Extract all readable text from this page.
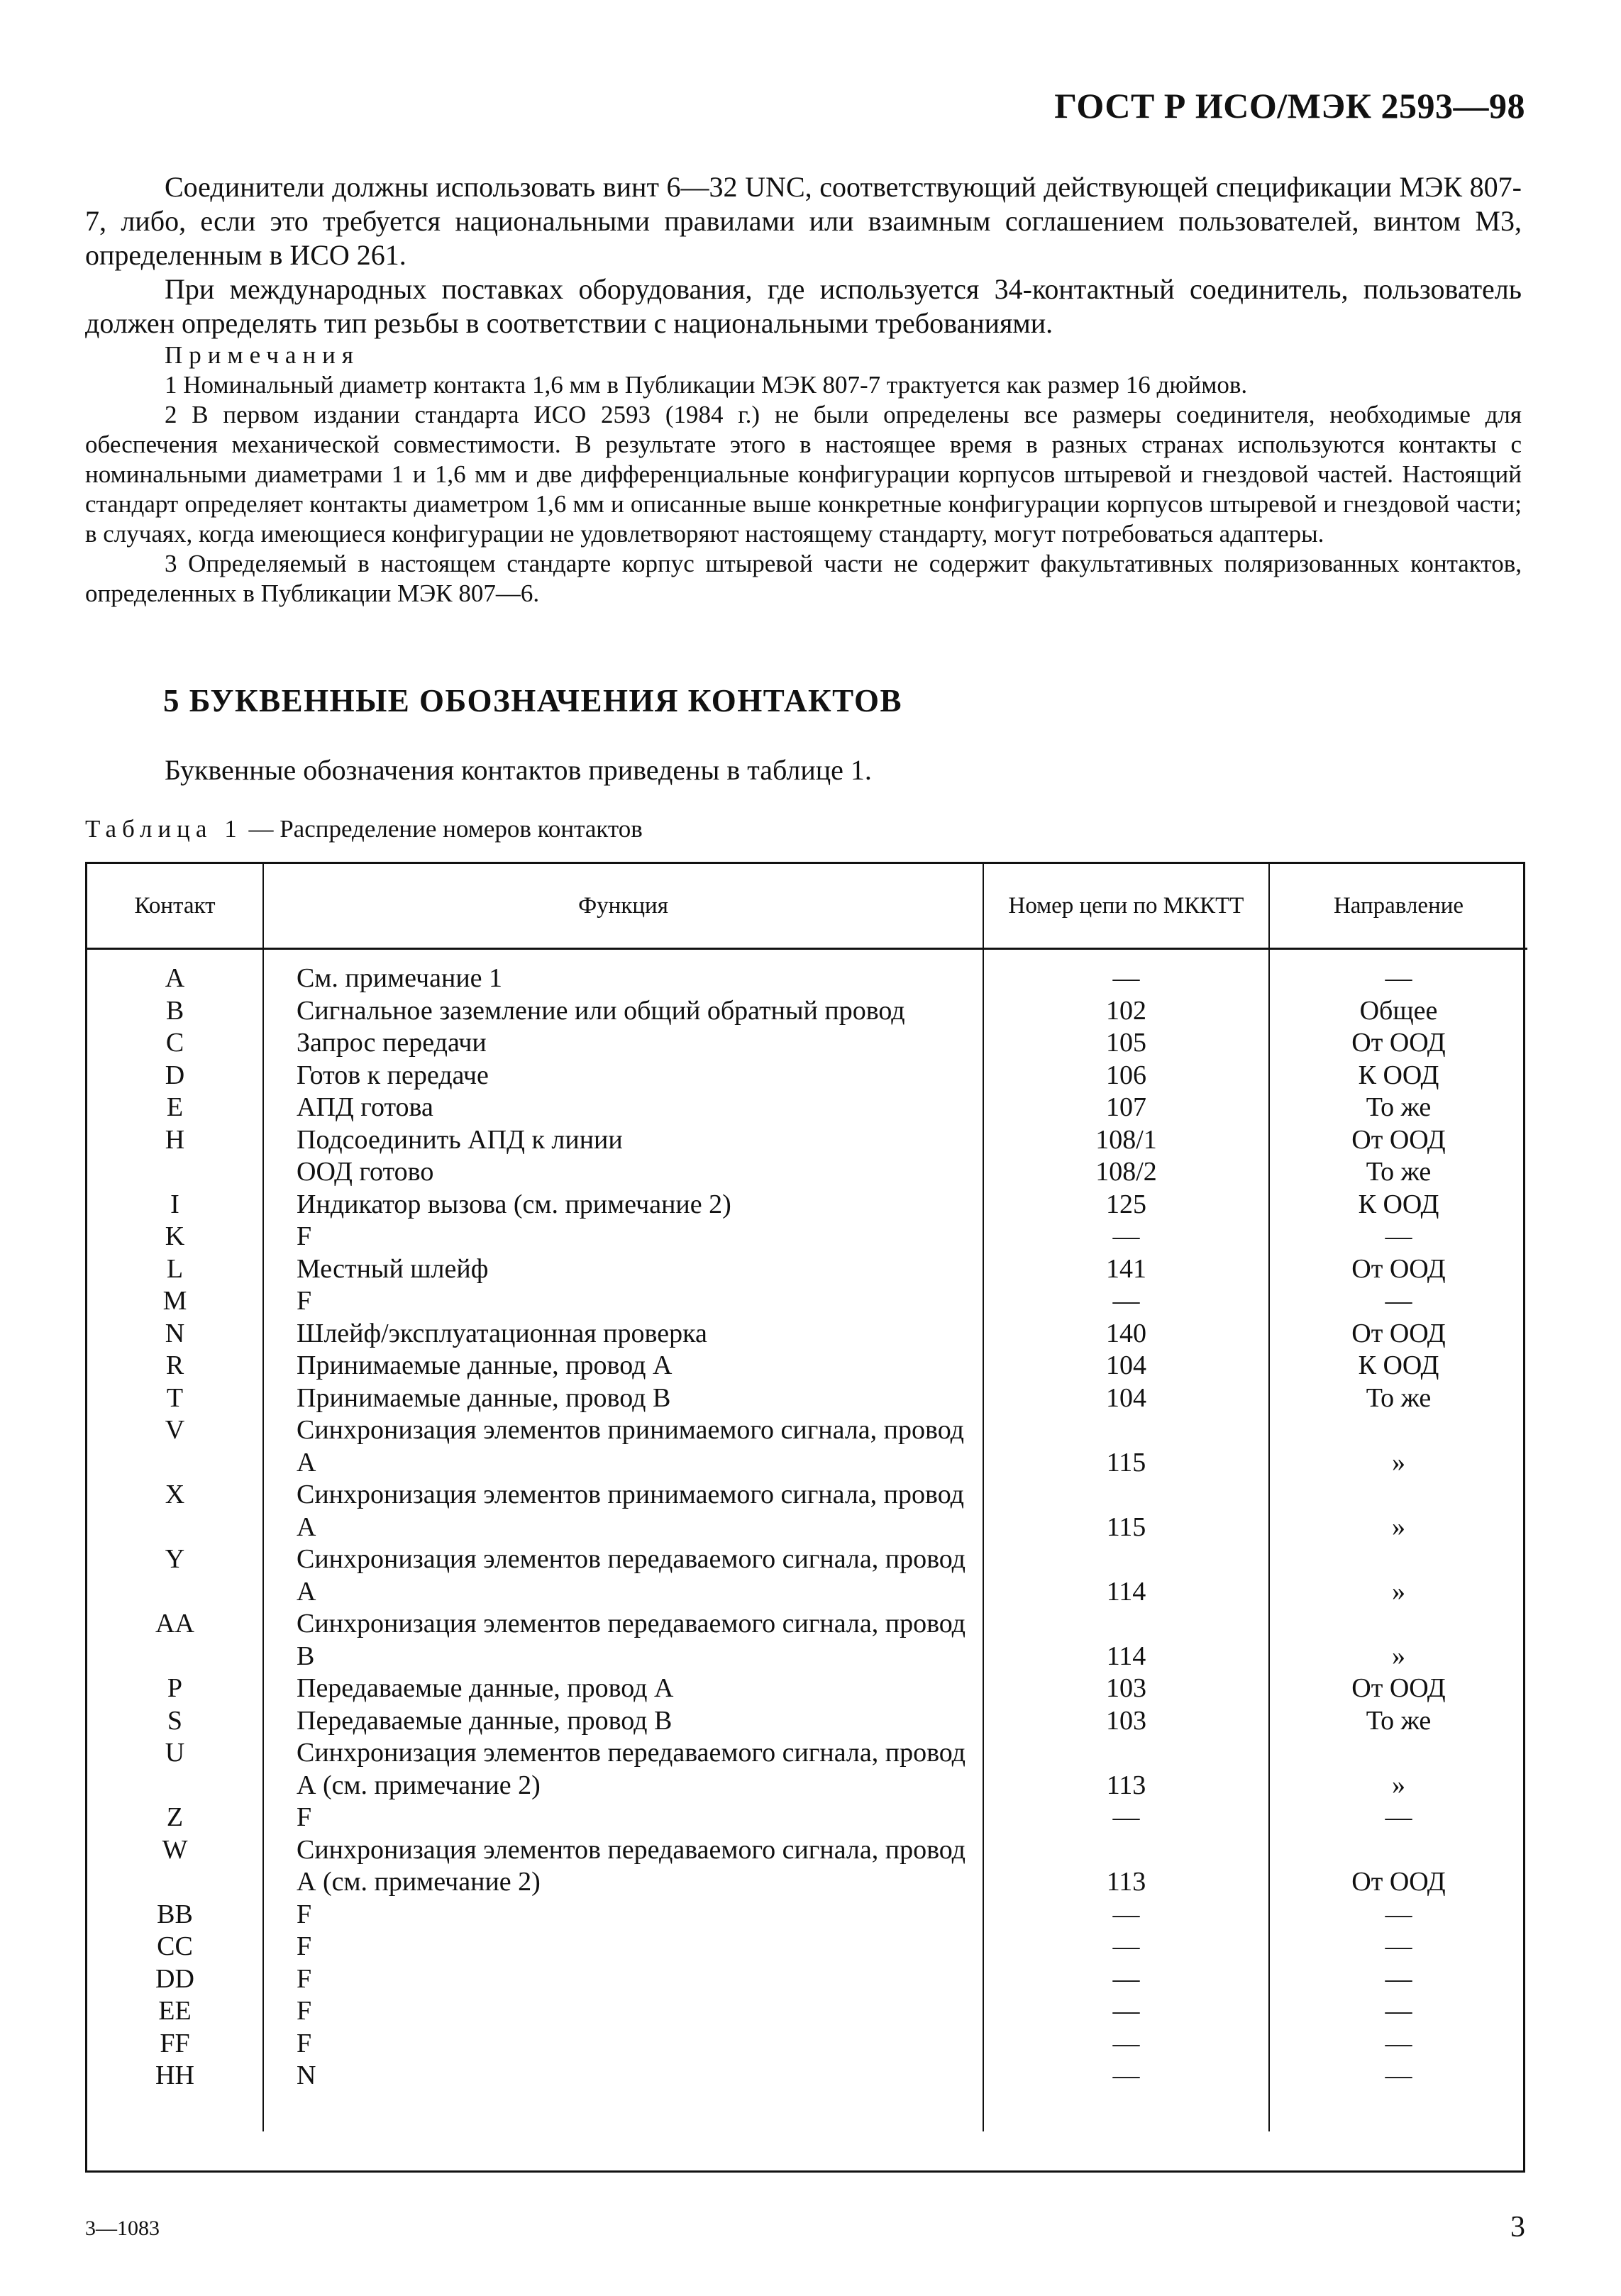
ГОСТ Р ИСО/МЭК 2593—98

Соединители должны использовать винт 6—32 UNC, соответствующий действующей спецификации МЭК 807-7, либо, если это требуется национальными правилами или взаимным соглашением пользователей, винтом М3, определенным в ИСО 261.

При международных поставках оборудования, где используется 34-контактный соединитель, пользователь должен определять тип резьбы в соответствии с национальными требованиями.

Примечания

1 Номинальный диаметр контакта 1,6 мм в Публикации МЭК 807-7 трактуется как размер 16 дюймов.

2 В первом издании стандарта ИСО 2593 (1984 г.) не были определены все размеры соединителя, необходимые для обеспечения механической совместимости. В результате этого в настоящее время в разных странах используются контакты с номинальными диаметрами 1 и 1,6 мм и две дифференциальные конфигурации корпусов штыревой и гнездовой частей. Настоящий стандарт определяет контакты диаметром 1,6 мм и описанные выше конкретные конфигурации корпусов штыревой и гнездовой части; в случаях, когда имеющиеся конфигурации не удовлетворяют настоящему стандарту, могут потребоваться адаптеры.

3 Определяемый в настоящем стандарте корпус штыревой части не содержит факультативных поляризованных контактов, определенных в Публикации МЭК 807—6.

5 БУКВЕННЫЕ ОБОЗНАЧЕНИЯ КОНТАКТОВ

Буквенные обозначения контактов приведены в таблице 1.

Таблица 1 — Распределение номеров контактов

Контакт	Функция	Номер цепи по МККТТ	Направление
A	См. примечание 1	—	—
B	Сигнальное заземление или общий обратный провод	102	Общее
C	Запрос передачи	105	От ООД
D	Готов к передаче	106	К ООД
E	АПД готова	107	То же
H	Подсоединить АПД к линии	108/1	От ООД
	ООД готово	108/2	То же
I	Индикатор вызова (см. примечание 2)	125	К ООД
K	F	—	—
L	Местный шлейф	141	От ООД
M	F	—	—
N	Шлейф/эксплуатационная проверка	140	От ООД
R	Принимаемые данные, провод А	104	К ООД
T	Принимаемые данные, провод В	104	То же
V	Синхронизация элементов принимаемого сигнала, провод А	115	»
X	Синхронизация элементов принимаемого сигнала, провод А	115	»
Y	Синхронизация элементов передаваемого сигнала, провод А	114	»
AA	Синхронизация элементов передаваемого сигнала, провод В	114	»
P	Передаваемые данные, провод А	103	От ООД
S	Передаваемые данные, провод В	103	То же
U	Синхронизация элементов передаваемого сигнала, провод А (см. примечание 2)	113	»
Z	F	—	—
W	Синхронизация элементов передаваемого сигнала, провод А (см. примечание 2)	113	От ООД
BB	F	—	—
CC	F	—	—
DD	F	—	—
EE	F	—	—
FF	F	—	—
HH	N	—	—

3—1083	3
